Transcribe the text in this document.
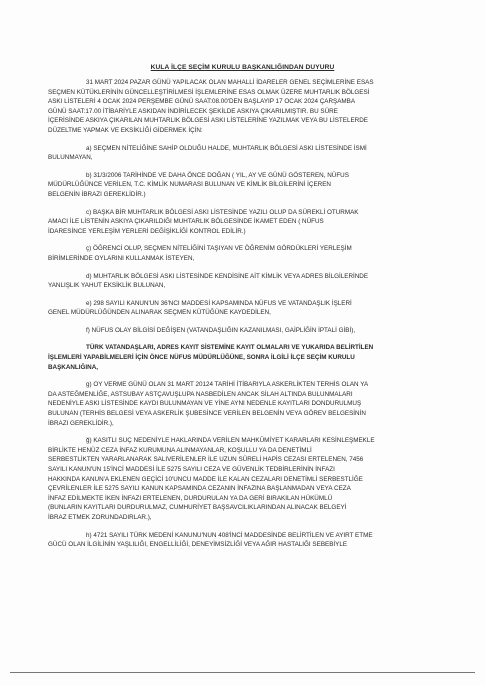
KULA İLÇE SEÇİM KURULU BAŞKANLIĞINDAN DUYURU
31 MART 2024 PAZAR GÜNÜ YAPILACAK OLAN MAHALLİ İDARELER GENEL SEÇİMLERİNE ESAS
SEÇMEN KÜTÜKLERİNİN GÜNCELLEŞTİRİLMESİ İŞLEMLERİNE ESAS OLMAK ÜZERE MUHTARLIK BÖLGESİ
ASKI LİSTELERİ 4 OCAK 2024 PERŞEMBE GÜNÜ SAAT:08.00'DEN BAŞLAYIP 17 OCAK 2024 ÇARŞAMBA
GÜNÜ SAAT:17.00 İTİBARİYLE ASKIDAN İNDİRİLECEK ŞEKİLDE ASKIYA ÇIKARILMIŞTIR. BU SÜRE
İÇERİSİNDE ASKIYA ÇIKARILAN MUHTARLIK BÖLGESİ ASKI LİSTELERİNE YAZILMAK VEYA BU LİSTELERDE
DÜZELTME YAPMAK VE EKSİKLİĞİ GİDERMEK İÇİN:
a) SEÇMEN NİTELİĞİNE SAHİP OLDUĞU HALDE, MUHTARLIK BÖLGESİ ASKI LİSTESİNDE İSMİ
BULUNMAYAN,
b) 31/3/2006 TARİHİNDE VE DAHA ÖNCE DOĞAN ( YIL, AY VE GÜNÜ GÖSTEREN, NÜFUS
MÜDÜRLÜĞÜNCE VERİLEN, T.C. KİMLİK NUMARASI BULUNAN VE KİMLİK BİLGİLERİNİ İÇEREN
BELGENİN İBRAZI GEREKLİDİR.)
c) BAŞKA BİR MUHTARLIK BÖLGESİ ASKI LİSTESİNDE YAZILI OLUP DA SÜREKLİ OTURMAK
AMACI İLE LİSTENİN ASKIYA ÇIKARILDIĞI MUHTARLIK BÖLGESİNDE İKAMET EDEN ( NÜFUS
İDARESİNCE YERLEŞİM YERLERİ DEĞİŞİKLİĞİ KONTROL EDİLİR.)
ç) ÖĞRENCİ OLUP, SEÇMEN NİTELİĞİNİ TAŞIYAN VE ÖĞRENİM GÖRDÜKLERİ YERLEŞİM
BİRİMLERİNDE OYLARINI KULLANMAK İSTEYEN,
d) MUHTARLIK BÖLGESİ ASKI LİSTESİNDE KENDİSİNE AİT KİMLİK VEYA ADRES BİLGİLERİNDE
YANLIŞLIK YAHUT EKSİKLİK BULUNAN,
e) 298 SAYILI KANUN'UN 36'NCI MADDESİ KAPSAMINDA NÜFUS VE VATANDAŞLIK İŞLERİ
GENEL MÜDÜRLÜĞÜNDEN ALINARAK SEÇMEN KÜTÜĞÜNE KAYDEDİLEN,
f) NÜFUS OLAY BİLGİSİ DEĞİŞEN (VATANDAŞLIĞIN KAZANILMASI, GAİPLİĞİN İPTALİ GİBİ),
TÜRK VATANDAŞLARI, ADRES KAYIT SİSTEMİNE KAYIT OLMALARI VE YUKARIDA BELİRTİLEN
İŞLEMLERİ YAPABİLMELERİ İÇİN ÖNCE NÜFUS MÜDÜRLÜĞÜNE, SONRA İLGİLİ İLÇE SEÇİM KURULU
BAŞKANLIĞINA,
g) OY VERME GÜNÜ OLAN 31 MART 20124 TARİHİ İTİBARIYLA ASKERLİKTEN TERHİS OLAN YA
DA ASTEĞMENLİĞE, ASTSUBAY ASTÇAVUŞLUPA NASBEDİLEN ANCAK SİLAH ALTINDA BULUNMALARI
NEDENİYLE ASKI LİSTESİNDE KAYDI BULUNMAYAN VE YİNE AYNI NEDENLE KAYITLARI DONDURULMUŞ
BULUNAN (TERHİS BELGESİ VEYA ASKERLİK ŞUBESİNCE VERİLEN BELGENİN VEYA GÖREV BELGESİNİN
İBRAZI GEREKLİDİR.),
ğ) KASITLI SUÇ NEDENİYLE HAKLARINDA VERİLEN MAHKÛMİYET KARARLARI KESİNLEŞMEKLE
BİRLİKTE HENÜZ CEZA İNFAZ KURUMUNA ALINMAYANLAR, KOŞULLU YA DA DENETİMLİ
SERBESTLİKTEN YARARLANARAK SALIVERİLENLER İLE UZUN SÜRELİ HAPİS CEZASI ERTELENEN, 7456
SAYILI KANUN'UN 15'İNCİ MADDESİ İLE 5275 SAYILI CEZA VE GÜVENLİK TEDBİRLERİNİN İNFAZI
HAKKINDA KANUN'A EKLENEN GEÇİCİ 10'UNCU MADDE İLE KALAN CEZALARI DENETİMLİ SERBESTLİĞE
ÇEVRİLENLER İLE 5275 SAYILI KANUN KAPSAMINDA CEZANIN İNFAZINA BAŞLANMADAN VEYA CEZA
İNFAZ EDİLMEKTE İKEN İNFAZI ERTELENEN, DURDURULAN YA DA GERİ BIRAKILAN HÜKÜMLÜ
(BUNLARIN KAYITLARI DURDURULMAZ, CUMHURİYET BAŞSAVCILIKLARINDAN ALINACAK BELGEYİ
İBRAZ ETMEK ZORUNDADIRLAR.),
h) 4721 SAYILI TÜRK MEDENİ KANUNU'NUN 408'İNCİ MADDESİNDE BELİRTİLEN VE AYIRT ETME
GÜCÜ OLAN İLGİLİNİN YAŞLILIĞI, ENGELLİLİĞİ, DENEYİMSİZLİĞİ VEYA AĞIR HASTALIĞI SEBEBİYLE
